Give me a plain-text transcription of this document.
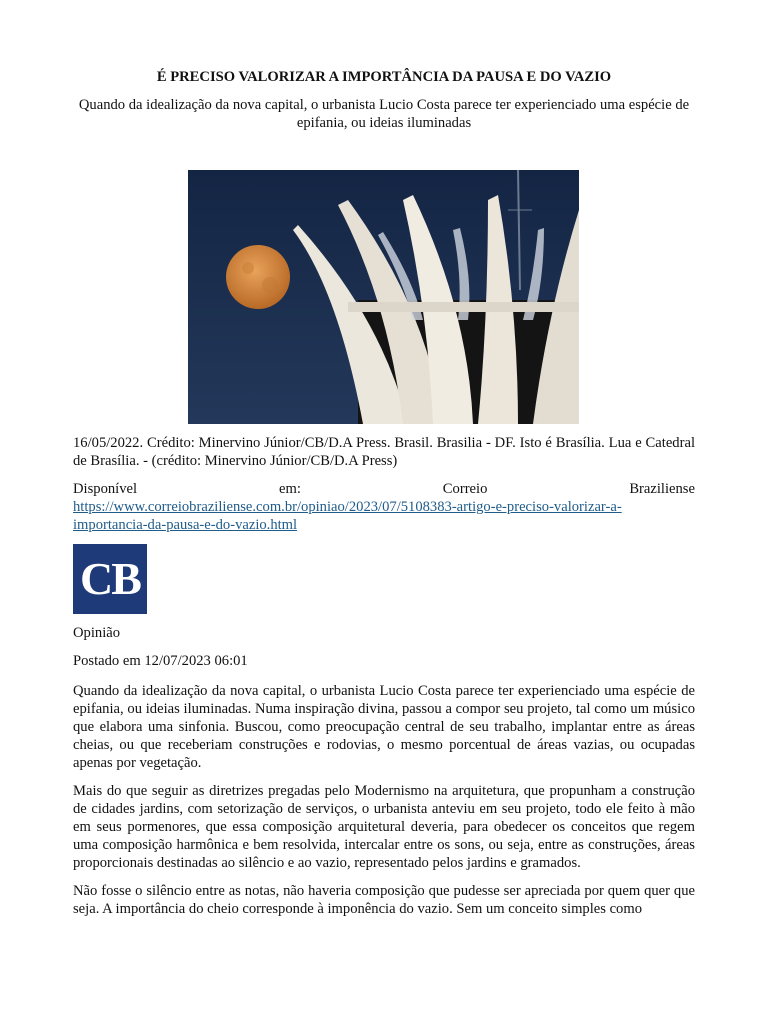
É PRECISO VALORIZAR A IMPORTÂNCIA DA PAUSA E DO VAZIO
Quando da idealização da nova capital, o urbanista Lucio Costa parece ter experienciado uma espécie de epifania, ou ideias iluminadas
16/05/2022. Crédito: Minervino Júnior/CB/D.A Press. Brasil. Brasilia - DF. Isto é Brasília. Lua e Catedral de Brasília. - (crédito: Minervino Júnior/CB/D.A Press)
Disponível	em:	Correio	Braziliense
https://www.correiobraziliense.com.br/opiniao/2023/07/5108383-artigo-e-preciso-valorizar-a-importancia-da-pausa-e-do-vazio.html
CB
Opinião
Postado em 12/07/2023 06:01

Quando da idealização da nova capital, o urbanista Lucio Costa parece ter experienciado uma espécie de epifania, ou ideias iluminadas. Numa inspiração divina, passou a compor seu projeto, tal como um músico que elabora uma sinfonia. Buscou, como preocupação central de seu trabalho, implantar entre as áreas cheias, ou que receberiam construções e rodovias, o mesmo porcentual de áreas vazias, ou ocupadas apenas por vegetação.

Mais do que seguir as diretrizes pregadas pelo Modernismo na arquitetura, que propunham a construção de cidades jardins, com setorização de serviços, o urbanista anteviu em seu projeto, todo ele feito à mão em seus pormenores, que essa composição arquitetural deveria, para obedecer os conceitos que regem uma composição harmônica e bem resolvida, intercalar entre os sons, ou seja, entre as construções, áreas proporcionais destinadas ao silêncio e ao vazio, representado pelos jardins e gramados.

Não fosse o silêncio entre as notas, não haveria composição que pudesse ser apreciada por quem quer que seja. A importância do cheio corresponde à imponência do vazio. Sem um conceito simples como
